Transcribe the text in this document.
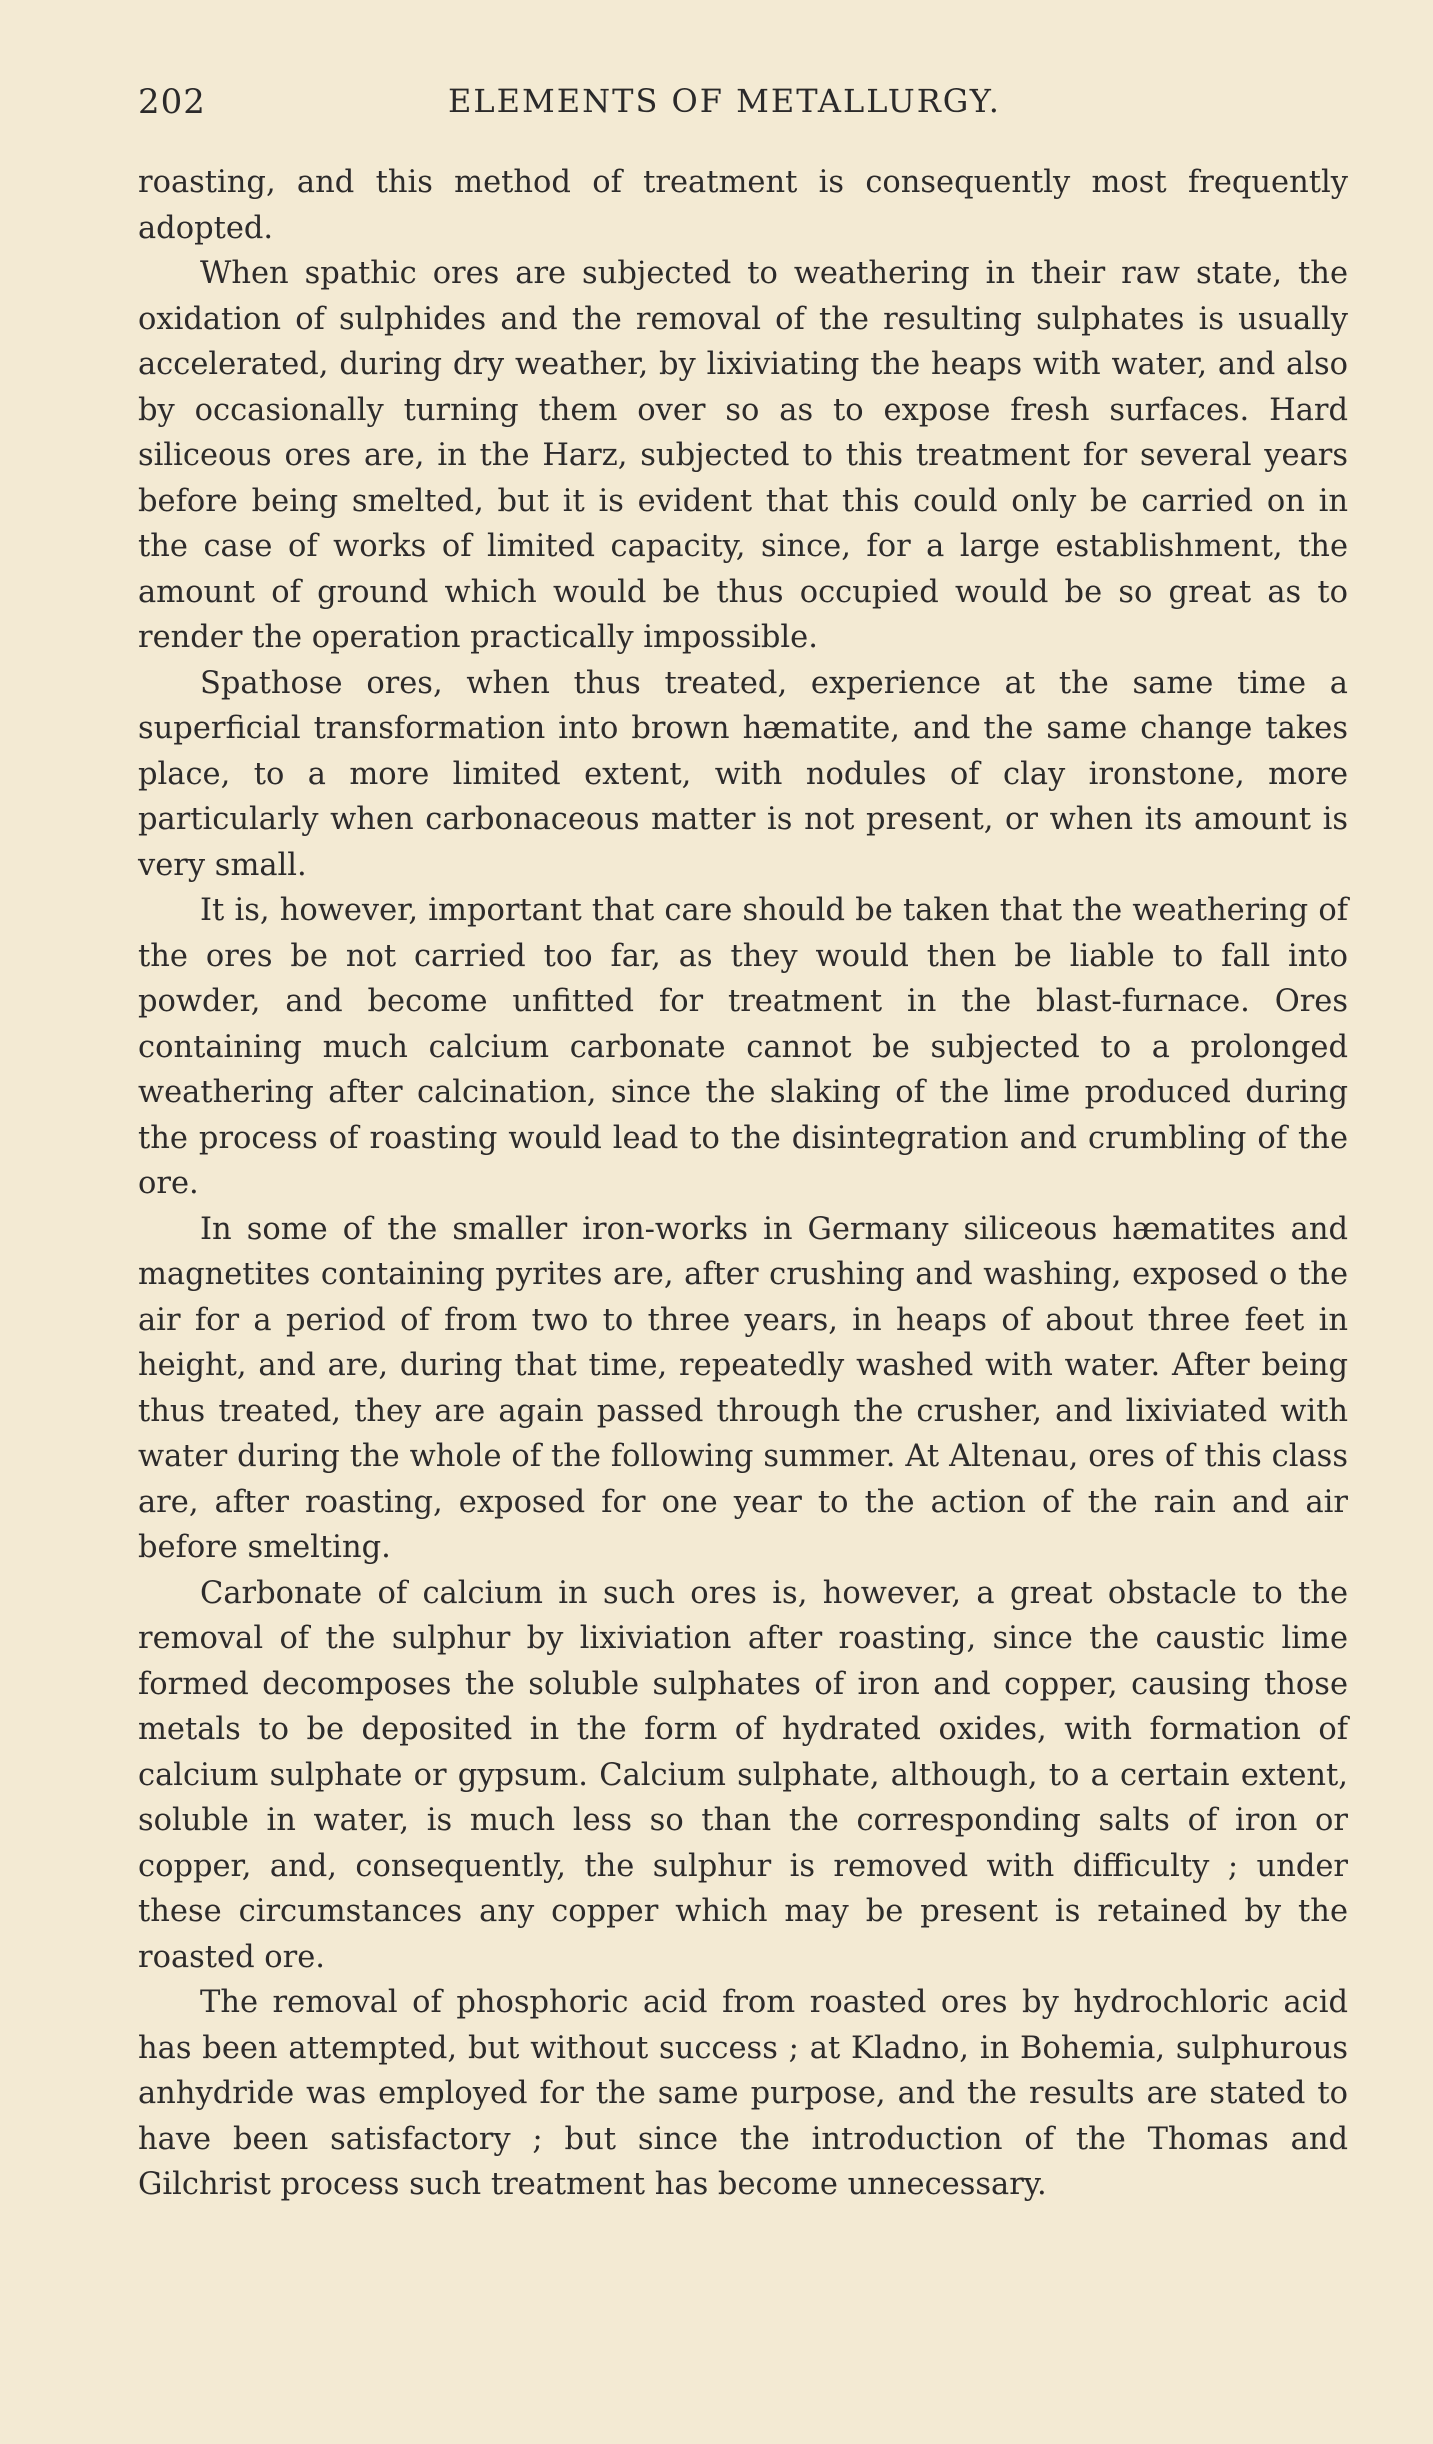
202	ELEMENTS OF METALLURGY.

roasting, and this method of treatment is consequently most frequently adopted.

When spathic ores are subjected to weathering in their raw state, the oxidation of sulphides and the removal of the resulting sulphates is usually accelerated, during dry weather, by lixiviating the heaps with water, and also by occasionally turning them over so as to expose fresh surfaces. Hard siliceous ores are, in the Harz, subjected to this treatment for several years before being smelted, but it is evident that this could only be carried on in the case of works of limited capacity, since, for a large establishment, the amount of ground which would be thus occupied would be so great as to render the operation practically impossible.

Spathose ores, when thus treated, experience at the same time a superficial transformation into brown hæmatite, and the same change takes place, to a more limited extent, with nodules of clay ironstone, more particularly when carbonaceous matter is not present, or when its amount is very small.

It is, however, important that care should be taken that the weathering of the ores be not carried too far, as they would then be liable to fall into powder, and become unfitted for treatment in the blast-furnace. Ores containing much calcium carbonate cannot be subjected to a prolonged weathering after calcination, since the slaking of the lime produced during the process of roasting would lead to the disintegration and crumbling of the ore.

In some of the smaller iron-works in Germany siliceous hæmatites and magnetites containing pyrites are, after crushing and washing, exposed o the air for a period of from two to three years, in heaps of about three feet in height, and are, during that time, repeatedly washed with water. After being thus treated, they are again passed through the crusher, and lixiviated with water during the whole of the following summer. At Altenau, ores of this class are, after roasting, exposed for one year to the action of the rain and air before smelting.

Carbonate of calcium in such ores is, however, a great obstacle to the removal of the sulphur by lixiviation after roasting, since the caustic lime formed decomposes the soluble sulphates of iron and copper, causing those metals to be deposited in the form of hydrated oxides, with formation of calcium sulphate or gypsum. Calcium sulphate, although, to a certain extent, soluble in water, is much less so than the corresponding salts of iron or copper, and, consequently, the sulphur is removed with difficulty ; under these circumstances any copper which may be present is retained by the roasted ore.

The removal of phosphoric acid from roasted ores by hydrochloric acid has been attempted, but without success ; at Kladno, in Bohemia, sulphurous anhydride was employed for the same purpose, and the results are stated to have been satisfactory ; but since the introduction of the Thomas and Gilchrist process such treatment has become unnecessary.
